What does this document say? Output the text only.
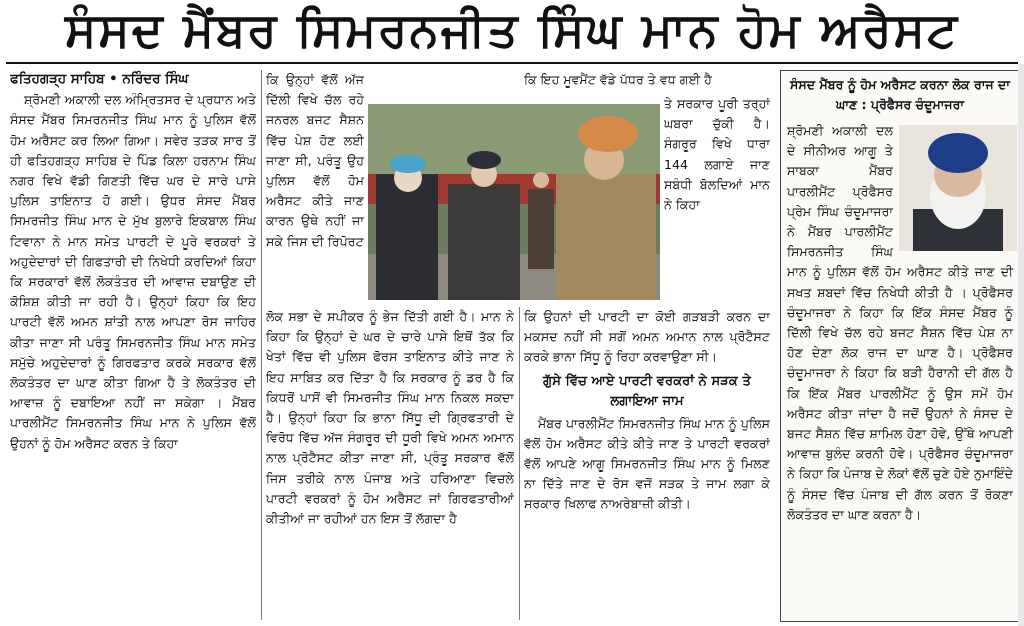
ਸੰਸਦ ਮੈਂਬਰ ਸਿਮਰਨਜੀਤ ਸਿੰਘ ਮਾਨ ਹੋਮ ਅਰੈਸਟ

ਫਤਿਹਗੜ੍ਹ ਸਾਹਿਬ • ਨਰਿੰਦਰ ਸਿੰਘ

ਸ਼੍ਰੋਮਣੀ ਅਕਾਲੀ ਦਲ ਅੰਮ੍ਰਿਤਸਰ ਦੇ ਪ੍ਰਧਾਨ ਅਤੇ ਸੰਸਦ ਮੈਂਬਰ ਸਿਮਰਨਜੀਤ ਸਿੰਘ ਮਾਨ ਨੂੰ ਪੁਲਿਸ ਵੱਲੋਂ ਹੋਮ ਅਰੈਸਟ ਕਰ ਲਿਆ ਗਿਆ। ਸਵੇਰ ਤੜਕ ਸਾਰ ਤੋਂ ਹੀ ਫਤਿਹਗੜ੍ਹ ਸਾਹਿਬ ਦੇ ਪਿੰਡ ਕਿਲਾ ਹਰਨਾਮ ਸਿੰਘ ਨਗਰ ਵਿਖੇ ਵੱਡੀ ਗਿਣਤੀ ਵਿੱਚ ਘਰ ਦੇ ਸਾਰੇ ਪਾਸੇ ਪੁਲਿਸ ਤਾਇਨਾਤ ਹੋ ਗਈ। ਉਧਰ ਸੰਸਦ ਮੈਂਬਰ ਸਿਮਰਜੀਤ ਸਿੰਘ ਮਾਨ ਦੇ ਮੁੱਖ ਬੁਲਾਰੇ ਇਕਬਾਲ ਸਿੰਘ ਟਿਵਾਨਾ ਨੇ ਮਾਨ ਸਮੇਤ ਪਾਰਟੀ ਦੇ ਪੂਰੇ ਵਰਕਰਾਂ ਤੇ ਅਹੁਦੇਦਾਰਾਂ ਦੀ ਗਿਫਤਾਰੀ ਦੀ ਨਿਖੇਧੀ ਕਰਦਿਆਂ ਕਿਹਾ ਕਿ ਸਰਕਾਰਾਂ ਵੱਲੋਂ ਲੋਕਤੰਤਰ ਦੀ ਆਵਾਜ਼ ਦਬਾਉਣ ਦੀ ਕੋਸ਼ਿਸ਼ ਕੀਤੀ ਜਾ ਰਹੀ ਹੈ। ਉਨ੍ਹਾਂ ਕਿਹਾ ਕਿ ਇਹ ਪਾਰਟੀ ਵੱਲੋਂ ਅਮਨ ਸ਼ਾਂਤੀ ਨਾਲ ਆਪਣਾ ਰੋਸ ਜਾਹਿਰ ਕੀਤਾ ਜਾਣਾ ਸੀ ਪਰੰਤੂ ਸਿਮਰਨਜੀਤ ਸਿੰਘ ਮਾਨ ਸਮੇਤ ਸਮੁੱਚੇ ਅਹੁਦੇਦਾਰਾਂ ਨੂੰ ਗਿਰਫਤਾਰ ਕਰਕੇ ਸਰਕਾਰ ਵੱਲੋਂ ਲੋਕਤੰਤਰ ਦਾ ਘਾਣ ਕੀਤਾ ਗਿਆ ਹੈ ਤੇ ਲੋਕਤੰਤਰ ਦੀ ਆਵਾਜ਼ ਨੂੰ ਦਬਾਇਆ ਨਹੀਂ ਜਾ ਸਕੇਗਾ । ਮੈਂਬਰ ਪਾਰਲੀਮੈਂਟ ਸਿਮਰਨਜੀਤ ਸਿੰਘ ਮਾਨ ਨੇ ਪੁਲਿਸ ਵੱਲੋਂ ਉਹਨਾਂ ਨੂੰ ਹੋਮ ਅਰੈਸਟ ਕਰਨ ਤੇ ਕਿਹਾ

ਕਿ ਉਨ੍ਹਾਂ ਵੱਲੋਂ ਅੱਜ ਦਿੱਲੀ ਵਿਖੇ ਚੱਲ ਰਹੇ ਜਨਰਲ ਬਜਟ ਸੈਸ਼ਨ ਵਿੱਚ ਪੇਸ਼ ਹੋਣ ਲਈ ਜਾਣਾ ਸੀ, ਪਰੰਤੂ ਉਹ ਪੁਲਿਸ ਵੱਲੋਂ ਹੋਮ ਅਰੈਸਟ ਕੀਤੇ ਜਾਣ ਕਾਰਨ ਉਥੇ ਨਹੀਂ ਜਾ ਸਕੇ ਜਿਸ ਦੀ ਰਿਪੋਰਟ

ਲੋਕ ਸਭਾ ਦੇ ਸਪੀਕਰ ਨੂੰ ਭੇਜ ਦਿੱਤੀ ਗਈ ਹੈ। ਮਾਨ ਨੇ ਕਿਹਾ ਕਿ ਉਨ੍ਹਾਂ ਦੇ ਘਰ ਦੇ ਚਾਰੇ ਪਾਸੇ ਇਥੋਂ ਤੱਕ ਕਿ ਖੇਤਾਂ ਵਿੱਚ ਵੀ ਪੁਲਿਸ ਫੋਰਸ ਤਾਇਨਾਤ ਕੀਤੇ ਜਾਣ ਨੇ ਇਹ ਸਾਬਿਤ ਕਰ ਦਿੱਤਾ ਹੈ ਕਿ ਸਰਕਾਰ ਨੂੰ ਡਰ ਹੈ ਕਿ ਕਿਧਰੋਂ ਪਾਸੋਂ ਵੀ ਸਿਮਰਜੀਤ ਸਿੰਘ ਮਾਨ ਨਿਕਲ ਸਕਦਾ ਹੈ। ਉਨ੍ਹਾਂ ਕਿਹਾ ਕਿ ਭਾਨਾ ਸਿੱਧੂ ਦੀ ਗ੍ਰਿਫਤਾਰੀ ਦੇ ਵਿਰੋਧ ਵਿੱਚ ਅੱਜ ਸੰਗਰੂਰ ਦੀ ਧੂਰੀ ਵਿਖੇ ਅਮਨ ਅਮਾਨ ਨਾਲ ਪ੍ਰੋਟੈਸਟ ਕੀਤਾ ਜਾਣਾ ਸੀ, ਪ੍ਰੰਤੂ ਸਰਕਾਰ ਵੱਲੋਂ ਜਿਸ ਤਰੀਕੇ ਨਾਲ ਪੰਜਾਬ ਅਤੇ ਹਰਿਆਣਾ ਵਿਚਲੇ ਪਾਰਟੀ ਵਰਕਰਾਂ ਨੂੰ ਹੋਮ ਅਰੈਸਟ ਜਾਂ ਗਿਰਫਤਾਰੀਆਂ ਕੀਤੀਆਂ ਜਾ ਰਹੀਆਂ ਹਨ ਇਸ ਤੋਂ ਲੱਗਦਾ ਹੈ

ਕਿ ਇਹ ਮੂਵਮੈਂਟ ਵੱਡੇ ਪੱਧਰ ਤੇ ਵਧ ਗਈ ਹੈ

ਤੇ ਸਰਕਾਰ ਪੂਰੀ ਤਰ੍ਹਾਂ ਘਬਰਾ ਚੁੱਕੀ ਹੈ। ਸੰਗਰੂਰ ਵਿਖੇ ਧਾਰਾ 144 ਲਗਾਏ ਜਾਣ ਸਬੰਧੀ ਬੋਲਦਿਆਂ ਮਾਨ ਨੇ ਕਿਹਾ

ਕਿ ਉਹਨਾਂ ਦੀ ਪਾਰਟੀ ਦਾ ਕੋਈ ਗੜਬੜੀ ਕਰਨ ਦਾ ਮਕਸਦ ਨਹੀਂ ਸੀ ਸਗੋਂ ਅਮਨ ਅਮਾਨ ਨਾਲ ਪ੍ਰੋਟੈਸਟ ਕਰਕੇ ਭਾਨਾ ਸਿੱਧੂ ਨੂੰ ਰਿਹਾ ਕਰਵਾਉਣਾ ਸੀ।

ਗੁੱਸੇ ਵਿੱਚ ਆਏ ਪਾਰਟੀ ਵਰਕਰਾਂ ਨੇ ਸੜਕ ਤੇ ਲਗਾਇਆ ਜਾਮ

ਮੈਂਬਰ ਪਾਰਲੀਮੈਂਟ ਸਿਮਰਨਜੀਤ ਸਿੰਘ ਮਾਨ ਨੂੰ ਪੁਲਿਸ ਵੱਲੋਂ ਹੋਮ ਅਰੈਸਟ ਕੀਤੇ ਕੀਤੇ ਜਾਣ ਤੇ ਪਾਰਟੀ ਵਰਕਰਾਂ ਵੱਲੋਂ ਆਪਣੇ ਆਗੂ ਸਿਮਰਨਜੀਤ ਸਿੰਘ ਮਾਨ ਨੂੰ ਮਿਲਣ ਨਾ ਦਿੱਤੇ ਜਾਣ ਦੇ ਰੋਸ ਵਜੋਂ ਸੜਕ ਤੇ ਜਾਮ ਲਗਾ ਕੇ ਸਰਕਾਰ ਖਿਲਾਫ ਨਾਅਰੇਬਾਜ਼ੀ ਕੀਤੀ।

ਸੰਸਦ ਮੈਂਬਰ ਨੂੰ ਹੋਮ ਅਰੈਸਟ ਕਰਨਾ ਲੋਕ ਰਾਜ ਦਾ ਘਾਣ : ਪ੍ਰੋਫੈਸਰ ਚੰਦੂਮਾਜਰਾ
ਸ਼੍ਰੋਮਣੀ ਅਕਾਲੀ ਦਲ ਦੇ ਸੀਨੀਅਰ ਆਗੂ ਤੇ ਸਾਬਕਾ ਮੈਂਬਰ ਪਾਰਲੀਮੈਂਟ ਪ੍ਰੋਫੈਸਰ ਪ੍ਰੇਮ ਸਿੰਘ ਚੰਦੂਮਾਜਰਾ ਨੇ ਮੈਂਬਰ ਪਾਰਲੀਮੈਂਟ ਸਿਮਰਨਜੀਤ ਸਿੰਘ ਮਾਨ ਨੂੰ ਪੁਲਿਸ ਵੱਲੋਂ ਹੋਮ ਅਰੈਸਟ ਕੀਤੇ ਜਾਣ ਦੀ ਸਖਤ ਸ਼ਬਦਾਂ ਵਿੱਚ ਨਿਖੇਧੀ ਕੀਤੀ ਹੈ । ਪ੍ਰੋਫੈਸਰ ਚੰਦੂਮਾਜਰਾ ਨੇ ਕਿਹਾ ਕਿ ਇੱਕ ਸੰਸਦ ਮੈਂਬਰ ਨੂੰ ਦਿੱਲੀ ਵਿਖੇ ਚੱਲ ਰਹੇ ਬਜਟ ਸੈਸ਼ਨ ਵਿੱਚ ਪੇਸ਼ ਨਾ ਹੋਣ ਦੇਣਾ ਲੋਕ ਰਾਜ ਦਾ ਘਾਣ ਹੈ। ਪ੍ਰੋਫੈਸਰ ਚੰਦੂਮਾਜਰਾ ਨੇ ਕਿਹਾ ਕਿ ਬੜੀ ਹੈਰਾਨੀ ਦੀ ਗੱਲ ਹੈ ਕਿ ਇੱਕ ਮੈਂਬਰ ਪਾਰਲੀਮੈਂਟ ਨੂੰ ਉਸ ਸਮੇਂ ਹੋਮ ਅਰੈਸਟ ਕੀਤਾ ਜਾਂਦਾ ਹੈ ਜਦੋਂ ਉਹਨਾਂ ਨੇ ਸੰਸਦ ਦੇ ਬਜਟ ਸੈਸ਼ਨ ਵਿੱਚ ਸ਼ਾਮਿਲ ਹੋਣਾ ਹੋਵੇ, ਉੱਥੇ ਆਪਣੀ ਆਵਾਜ਼ ਬੁਲੰਦ ਕਰਨੀ ਹੋਵੇ। ਪ੍ਰੋਫੈਸਰ ਚੰਦੂਮਾਜਰਾ ਨੇ ਕਿਹਾ ਕਿ ਪੰਜਾਬ ਦੇ ਲੋਕਾਂ ਵੱਲੋਂ ਚੁਣੇ ਹੋਏ ਨੁਮਾਇੰਦੇ ਨੂੰ ਸੰਸਦ ਵਿੱਚ ਪੰਜਾਬ ਦੀ ਗੱਲ ਕਰਨ ਤੋਂ ਰੋਕਣਾ ਲੋਕਤੰਤਰ ਦਾ ਘਾਣ ਕਰਨਾ ਹੈ।
